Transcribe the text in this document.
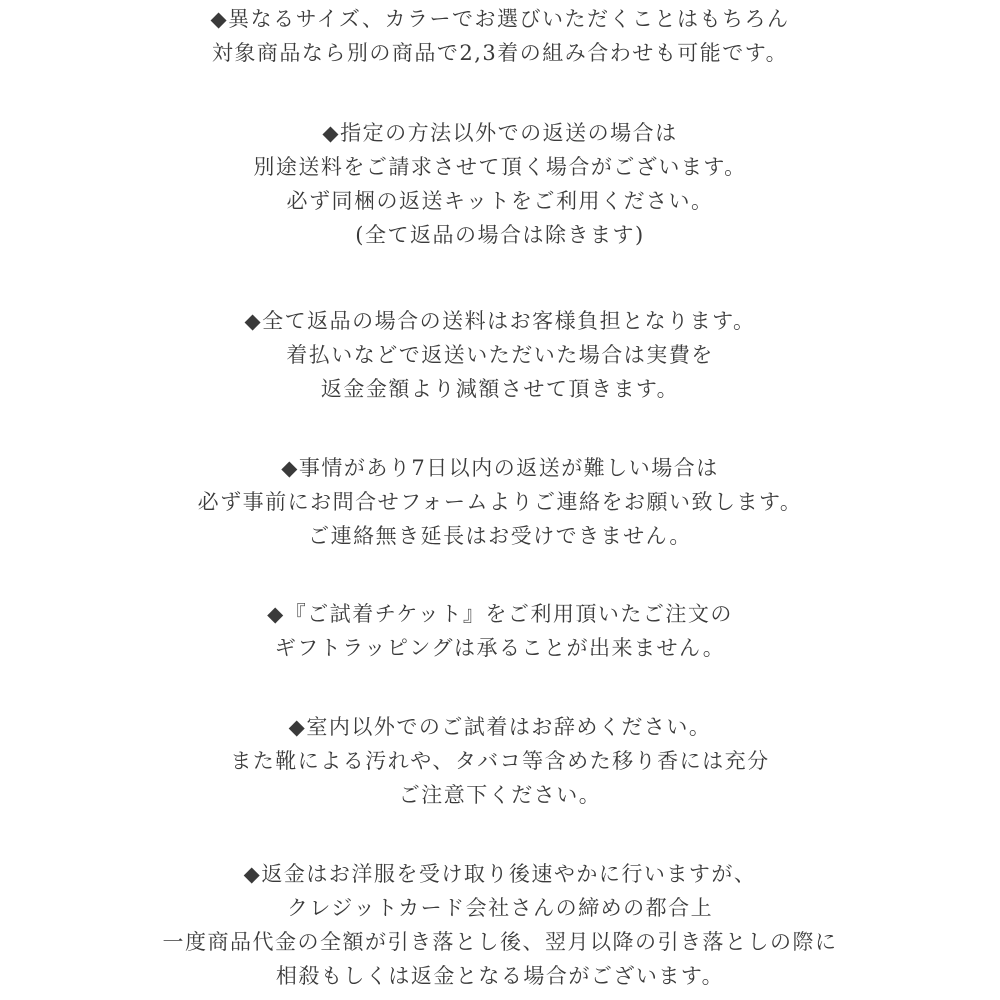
◆異なるサイズ、カラーでお選びいただくことはもちろん
対象商品なら別の商品で2,3着の組み合わせも可能です。
◆指定の方法以外での返送の場合は
別途送料をご請求させて頂く場合がございます。
必ず同梱の返送キットをご利用ください。
(全て返品の場合は除きます)
◆全て返品の場合の送料はお客様負担となります。
着払いなどで返送いただいた場合は実費を
返金金額より減額させて頂きます。
◆事情があり7日以内の返送が難しい場合は
必ず事前にお問合せフォームよりご連絡をお願い致します。
ご連絡無き延長はお受けできません。
◆『ご試着チケット』をご利用頂いたご注文の
ギフトラッピングは承ることが出来ません。
◆室内以外でのご試着はお辞めください。
また靴による汚れや、タバコ等含めた移り香には充分
ご注意下ください。
◆返金はお洋服を受け取り後速やかに行いますが、
クレジットカード会社さんの締めの都合上
一度商品代金の全額が引き落とし後、翌月以降の引き落としの際に
相殺もしくは返金となる場合がございます。
